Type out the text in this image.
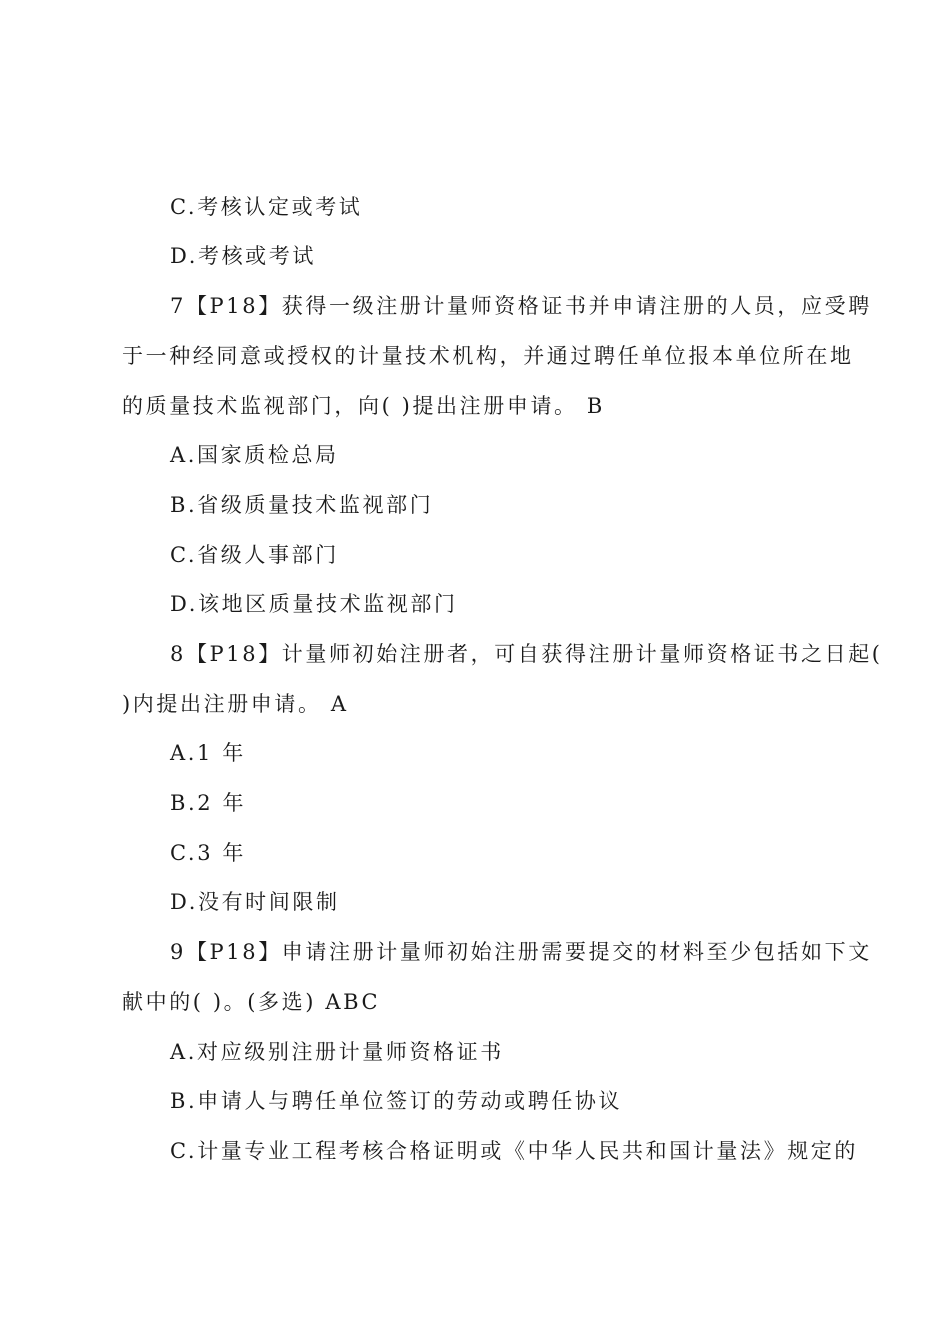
C.考核认定或考试
D.考核或考试
7【P18】获得一级注册计量师资格证书并申请注册的人员，应受聘
于一种经同意或授权的计量技术机构，并通过聘任单位报本单位所在地
的质量技术监视部门，向( )提出注册申请。 B
A.国家质检总局
B.省级质量技术监视部门
C.省级人事部门
D.该地区质量技术监视部门
8【P18】计量师初始注册者，可自获得注册计量师资格证书之日起(
)内提出注册申请。 A
A.1 年
B.2 年
C.3 年
D.没有时间限制
9【P18】申请注册计量师初始注册需要提交的材料至少包括如下文
献中的( )。(多选) ABC
A.对应级别注册计量师资格证书
B.申请人与聘任单位签订的劳动或聘任协议
C.计量专业工程考核合格证明或《中华人民共和国计量法》规定的
